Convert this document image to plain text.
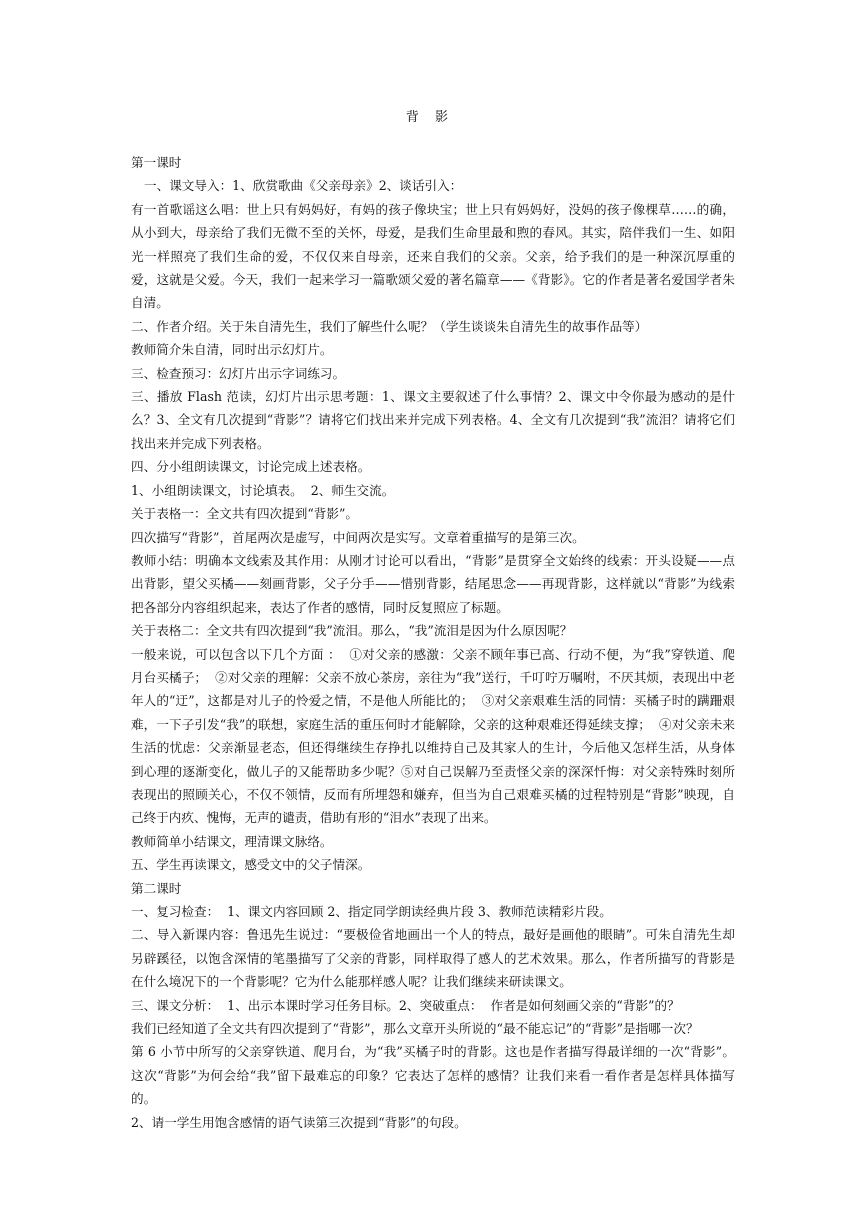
背 影

第一课时

一、课文导入：1、欣赏歌曲《父亲母亲》2、谈话引入：

有一首歌谣这么唱：世上只有妈妈好，有妈的孩子像块宝；世上只有妈妈好，没妈的孩子像棵草……的确，从小到大，母亲给了我们无微不至的关怀，母爱，是我们生命里最和煦的春风。其实，陪伴我们一生、如阳光一样照亮了我们生命的爱，不仅仅来自母亲，还来自我们的父亲。父亲，给予我们的是一种深沉厚重的爱，这就是父爱。今天，我们一起来学习一篇歌颂父爱的著名篇章——《背影》。它的作者是著名爱国学者朱自清。

二、作者介绍。关于朱自清先生，我们了解些什么呢？（学生谈谈朱自清先生的故事作品等）

教师简介朱自清，同时出示幻灯片。

三、检查预习：幻灯片出示字词练习。

三、播放 Flash 范读，幻灯片出示思考题：1、课文主要叙述了什么事情？2、课文中令你最为感动的是什么？3、全文有几次提到“背影”？请将它们找出来并完成下列表格。4、全文有几次提到“我”流泪？请将它们找出来并完成下列表格。

四、分小组朗读课文，讨论完成上述表格。

1、小组朗读课文，讨论填表。  2、师生交流。

关于表格一：全文共有四次提到“背影”。

四次描写“背影”，首尾两次是虚写，中间两次是实写。文章着重描写的是第三次。

教师小结：明确本文线索及其作用：从刚才讨论可以看出，“背影”是贯穿全文始终的线索：开头设疑——点出背影，望父买橘——刻画背影，父子分手——惜别背影，结尾思念——再现背影，这样就以“背影”为线索把各部分内容组织起来，表达了作者的感情，同时反复照应了标题。

关于表格二：全文共有四次提到“我”流泪。那么，“我”流泪是因为什么原因呢？

一般来说，可以包含以下几个方面 ：  ①对父亲的感激：父亲不顾年事已高、行动不便，为“我”穿铁道、爬月台买橘子；  ②对父亲的理解：父亲不放心茶房，亲往为“我”送行，千叮咛万嘱咐，不厌其烦，表现出中老年人的“迂”，这都是对儿子的怜爱之情，不是他人所能比的；  ③对父亲艰难生活的同情：买橘子时的蹒跚艰难，一下子引发“我”的联想，家庭生活的重压何时才能解除，父亲的这种艰难还得延续支撑；  ④对父亲未来生活的忧虑：父亲渐显老态，但还得继续生存挣扎以维持自己及其家人的生计，今后他又怎样生活，从身体到心理的逐渐变化，做儿子的又能帮助多少呢？⑤对自己误解乃至责怪父亲的深深忏悔：对父亲特殊时刻所表现出的照顾关心，不仅不领情，反而有所埋怨和嫌弃，但当为自己艰难买橘的过程特别是“背影”映现，自己终于内疚、愧悔，无声的谴责，借助有形的“泪水”表现了出来。

教师简单小结课文，理清课文脉络。

五、学生再读课文，感受文中的父子情深。

第二课时

一、复习检查：  1、课文内容回顾 2、指定同学朗读经典片段 3、教师范读精彩片段。

二、导入新课内容：鲁迅先生说过：“要极俭省地画出一个人的特点，最好是画他的眼睛”。可朱自清先生却另辟蹊径，以饱含深情的笔墨描写了父亲的背影，同样取得了感人的艺术效果。那么，作者所描写的背影是在什么境况下的一个背影呢？它为什么能那样感人呢？让我们继续来研读课文。

三、课文分析：  1、出示本课时学习任务目标。2、突破重点：  作者是如何刻画父亲的“背影”的？

我们已经知道了全文共有四次提到了“背影”，那么文章开头所说的“最不能忘记”的“背影”是指哪一次？

第 6 小节中所写的父亲穿铁道、爬月台，为“我”买橘子时的背影。这也是作者描写得最详细的一次“背影”。这次“背影”为何会给“我”留下最难忘的印象？它表达了怎样的感情？让我们来看一看作者是怎样具体描写的。

2、请一学生用饱含感情的语气读第三次提到“背影”的句段。
